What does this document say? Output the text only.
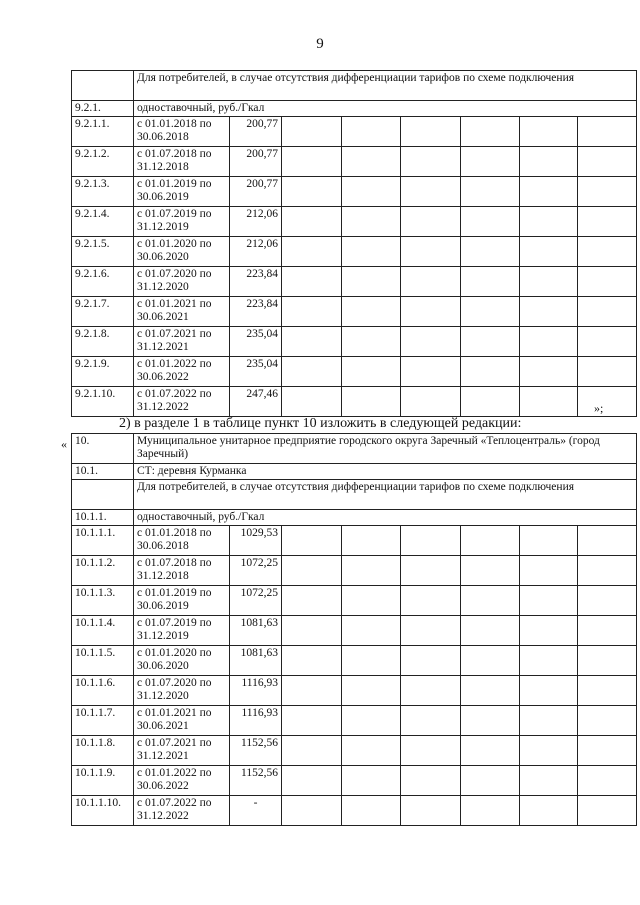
9
	Для потребителей, в случае отсутствия дифференциации тарифов по схеме подключения							
9.2.1.	одноставочный, руб./Гкал							
9.2.1.1.	с 01.01.2018 по 30.06.2018	200,77						
9.2.1.2.	с 01.07.2018 по 31.12.2018	200,77						
9.2.1.3.	с 01.01.2019 по 30.06.2019	200,77						
9.2.1.4.	с 01.07.2019 по 31.12.2019	212,06						
9.2.1.5.	с 01.01.2020 по 30.06.2020	212,06						
9.2.1.6.	с 01.07.2020 по 31.12.2020	223,84						
9.2.1.7.	с 01.01.2021 по 30.06.2021	223,84						
9.2.1.8.	с 01.07.2021 по 31.12.2021	235,04						
9.2.1.9.	с 01.01.2022 по 30.06.2022	235,04						
9.2.1.10.	с 01.07.2022 по 31.12.2022	247,46						
»;
2) в разделе 1 в таблице пункт 10 изложить в следующей редакции:
« 10.	Муниципальное унитарное предприятие городского округа Заречный «Теплоцентраль» (город Заречный)							
10.1.	СТ: деревня Курманка							
	Для потребителей, в случае отсутствия дифференциации тарифов по схеме подключения							
10.1.1.	одноставочный, руб./Гкал							
10.1.1.1.	с 01.01.2018 по 30.06.2018	1029,53						
10.1.1.2.	с 01.07.2018 по 31.12.2018	1072,25						
10.1.1.3.	с 01.01.2019 по 30.06.2019	1072,25						
10.1.1.4.	с 01.07.2019 по 31.12.2019	1081,63						
10.1.1.5.	с 01.01.2020 по 30.06.2020	1081,63						
10.1.1.6.	с 01.07.2020 по 31.12.2020	1116,93						
10.1.1.7.	с 01.01.2021 по 30.06.2021	1116,93						
10.1.1.8.	с 01.07.2021 по 31.12.2021	1152,56						
10.1.1.9.	с 01.01.2022 по 30.06.2022	1152,56						
10.1.1.10.	с 01.07.2022 по 31.12.2022	-						
